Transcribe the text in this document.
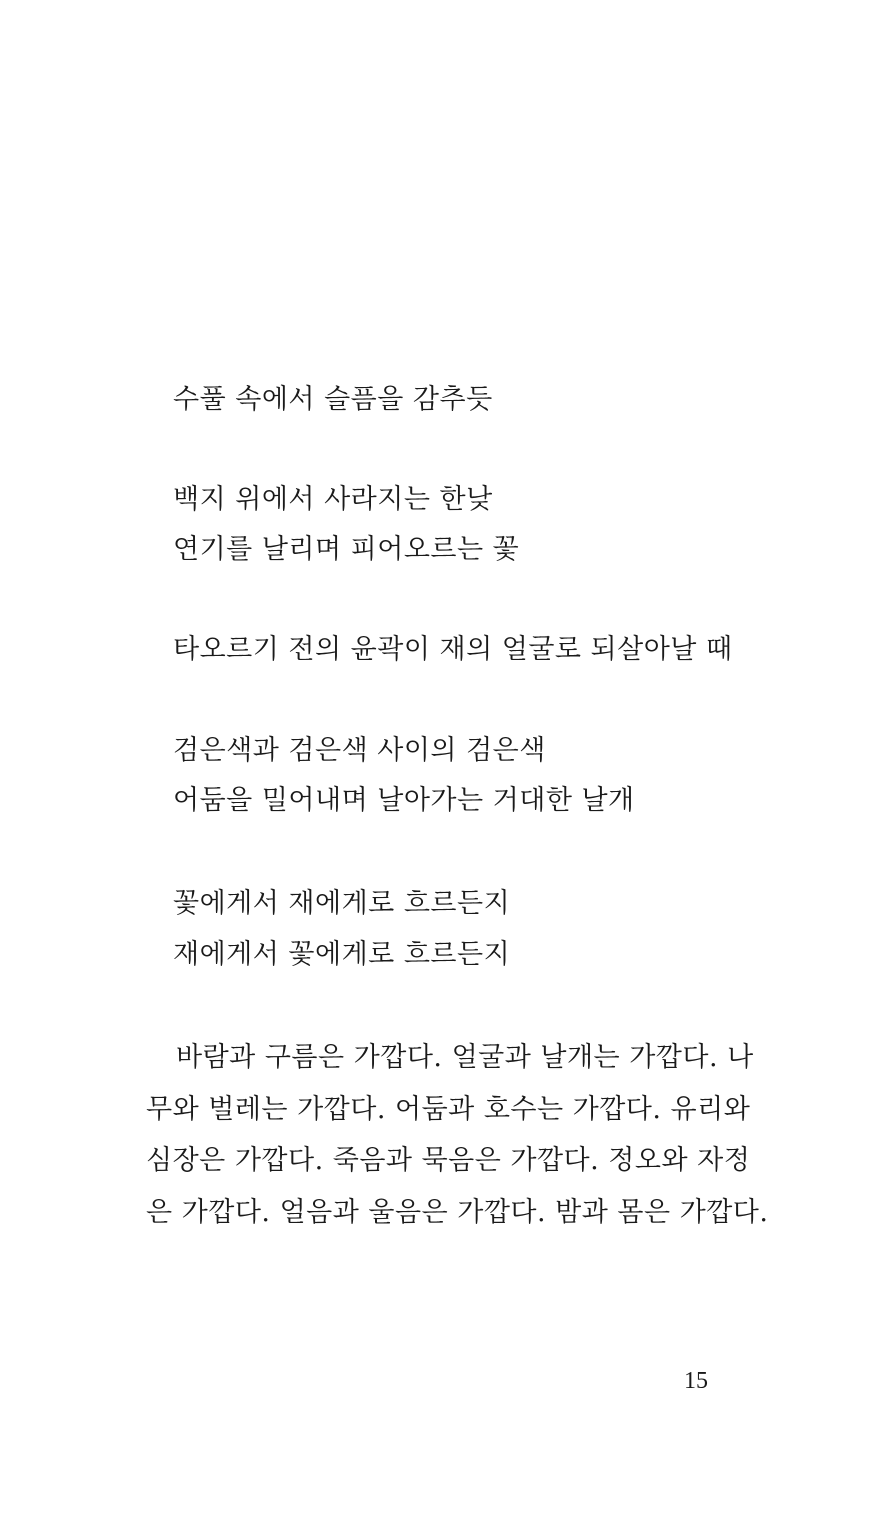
수풀 속에서 슬픔을 감추듯
백지 위에서 사라지는 한낮
연기를 날리며 피어오르는 꽃
타오르기 전의 윤곽이 재의 얼굴로 되살아날 때
검은색과 검은색 사이의 검은색
어둠을 밀어내며 날아가는 거대한 날개
꽃에게서 재에게로 흐르든지
재에게서 꽃에게로 흐르든지
바람과 구름은 가깝다. 얼굴과 날개는 가깝다. 나
무와 벌레는 가깝다. 어둠과 호수는 가깝다. 유리와
심장은 가깝다. 죽음과 묵음은 가깝다. 정오와 자정
은 가깝다. 얼음과 울음은 가깝다. 밤과 몸은 가깝다.
15
